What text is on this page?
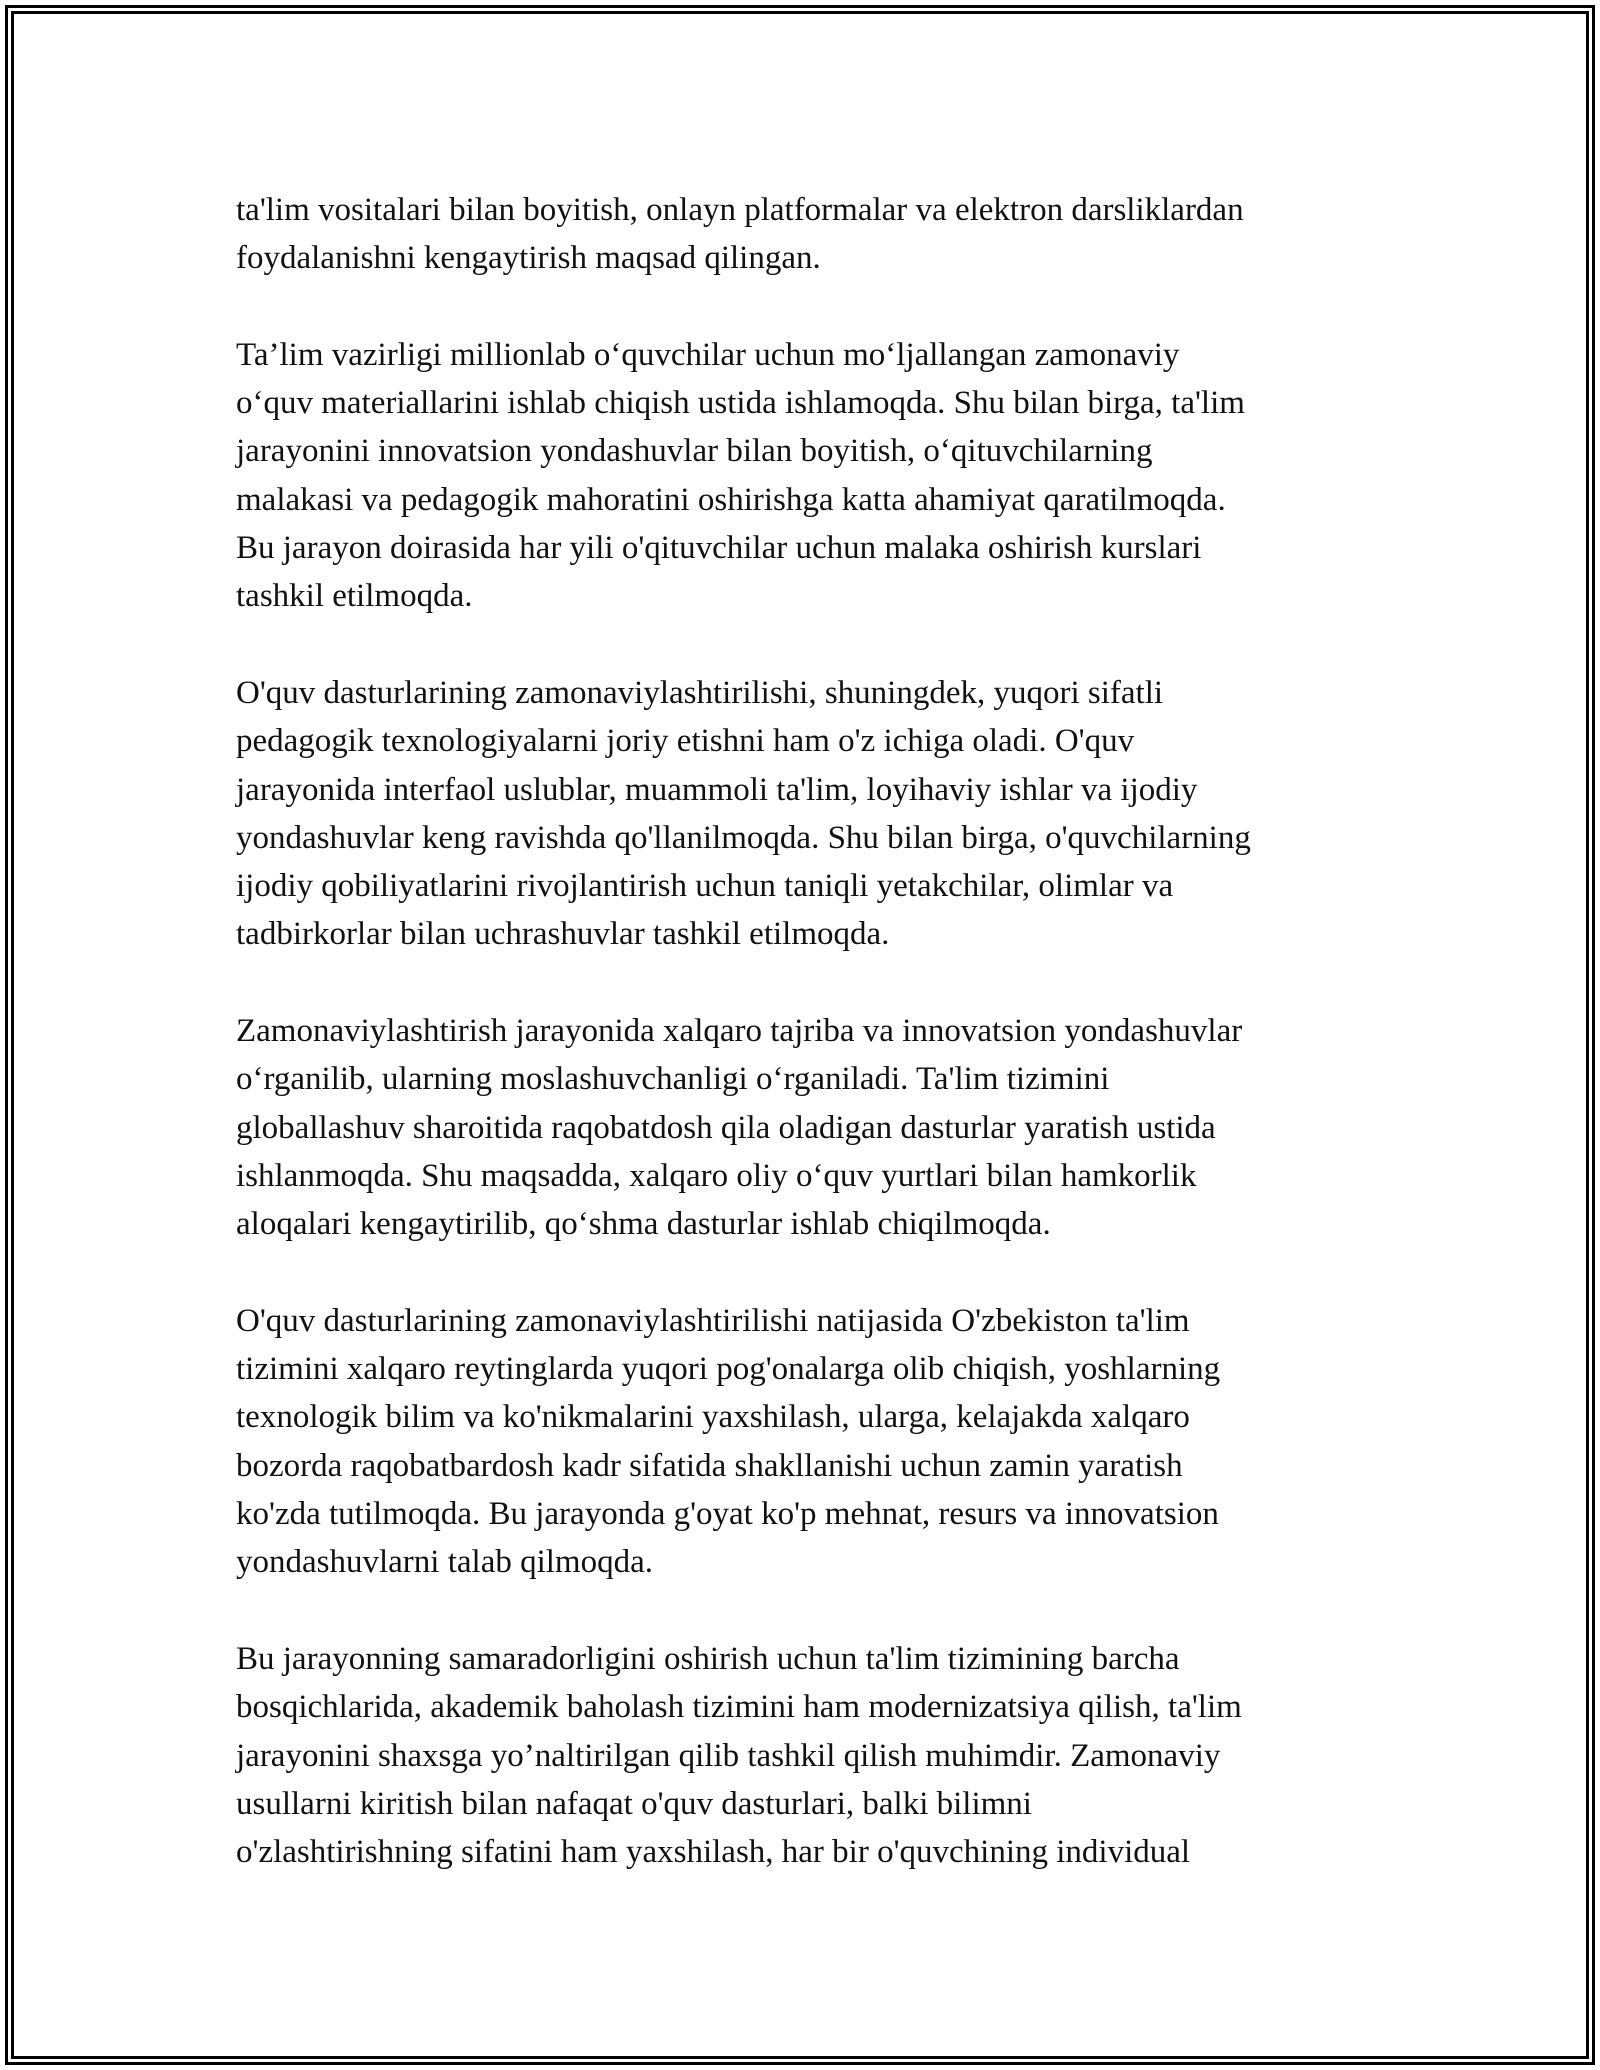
ta'lim vositalari bilan boyitish, onlayn platformalar va elektron darsliklardan
foydalanishni kengaytirish maqsad qilingan.

Ta’lim vazirligi millionlab o‘quvchilar uchun mo‘ljallangan zamonaviy
o‘quv materiallarini ishlab chiqish ustida ishlamoqda. Shu bilan birga, ta'lim
jarayonini innovatsion yondashuvlar bilan boyitish, o‘qituvchilarning
malakasi va pedagogik mahoratini oshirishga katta ahamiyat qaratilmoqda.
Bu jarayon doirasida har yili o'qituvchilar uchun malaka oshirish kurslari
tashkil etilmoqda.

O'quv dasturlarining zamonaviylashtirilishi, shuningdek, yuqori sifatli
pedagogik texnologiyalarni joriy etishni ham o'z ichiga oladi. O'quv
jarayonida interfaol uslublar, muammoli ta'lim, loyihaviy ishlar va ijodiy
yondashuvlar keng ravishda qo'llanilmoqda. Shu bilan birga, o'quvchilarning
ijodiy qobiliyatlarini rivojlantirish uchun taniqli yetakchilar, olimlar va
tadbirkorlar bilan uchrashuvlar tashkil etilmoqda.

Zamonaviylashtirish jarayonida xalqaro tajriba va innovatsion yondashuvlar
o‘rganilib, ularning moslashuvchanligi o‘rganiladi. Ta'lim tizimini
globallashuv sharoitida raqobatdosh qila oladigan dasturlar yaratish ustida
ishlanmoqda. Shu maqsadda, xalqaro oliy o‘quv yurtlari bilan hamkorlik
aloqalari kengaytirilib, qo‘shma dasturlar ishlab chiqilmoqda.

O'quv dasturlarining zamonaviylashtirilishi natijasida O'zbekiston ta'lim
tizimini xalqaro reytinglarda yuqori pog'onalarga olib chiqish, yoshlarning
texnologik bilim va ko'nikmalarini yaxshilash, ularga, kelajakda xalqaro
bozorda raqobatbardosh kadr sifatida shakllanishi uchun zamin yaratish
ko'zda tutilmoqda. Bu jarayonda g'oyat ko'p mehnat, resurs va innovatsion
yondashuvlarni talab qilmoqda.

Bu jarayonning samaradorligini oshirish uchun ta'lim tizimining barcha
bosqichlarida, akademik baholash tizimini ham modernizatsiya qilish, ta'lim
jarayonini shaxsga yo’naltirilgan qilib tashkil qilish muhimdir. Zamonaviy
usullarni kiritish bilan nafaqat o'quv dasturlari, balki bilimni
o'zlashtirishning sifatini ham yaxshilash, har bir o'quvchining individual
